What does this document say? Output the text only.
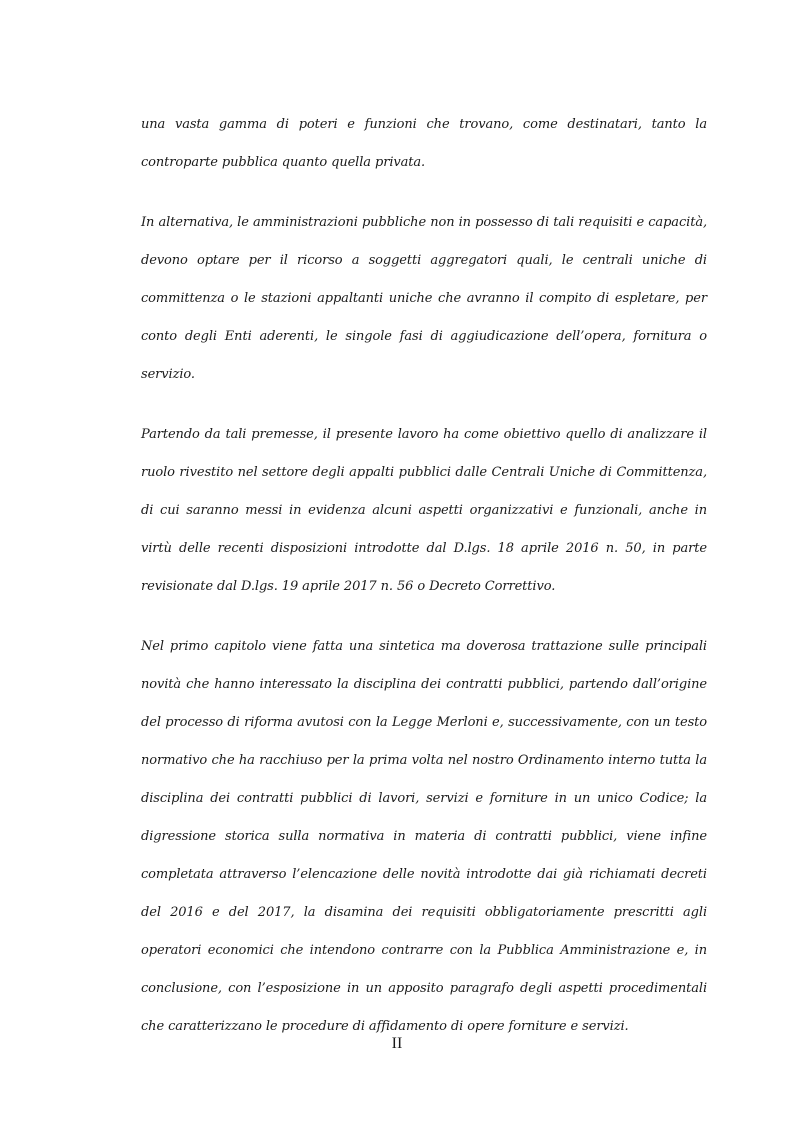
una vasta gamma di poteri e funzioni che trovano, come destinatari, tanto la controparte pubblica quanto quella privata.

In alternativa, le amministrazioni pubbliche non in possesso di tali requisiti e capacità, devono optare per il ricorso a soggetti aggregatori quali, le centrali uniche di committenza o le stazioni appaltanti uniche che avranno il compito di espletare, per conto degli Enti aderenti, le singole fasi di aggiudicazione dell’opera, fornitura o servizio.

Partendo da tali premesse, il presente lavoro ha come obiettivo quello di analizzare il ruolo rivestito nel settore degli appalti pubblici dalle Centrali Uniche di Committenza, di cui saranno messi in evidenza alcuni aspetti organizzativi e funzionali, anche in virtù delle recenti disposizioni introdotte dal D.lgs. 18 aprile 2016 n. 50, in parte revisionate dal D.lgs. 19 aprile 2017 n. 56 o Decreto Correttivo.

Nel primo capitolo viene fatta una sintetica ma doverosa trattazione sulle principali novità che hanno interessato la disciplina dei contratti pubblici, partendo dall’origine del processo di riforma avutosi con la Legge Merloni e, successivamente, con un testo normativo che ha racchiuso per la prima volta nel nostro Ordinamento interno tutta la disciplina dei contratti pubblici di lavori, servizi e forniture in un unico Codice; la digressione storica sulla normativa in materia di contratti pubblici, viene infine completata attraverso l’elencazione delle novità introdotte dai già richiamati decreti del 2016 e del 2017, la disamina dei requisiti obbligatoriamente prescritti agli operatori economici che intendono contrarre con la Pubblica Amministrazione e, in conclusione, con l’esposizione in un apposito paragrafo degli aspetti procedimentali che caratterizzano le procedure di affidamento di opere forniture e servizi.

II
